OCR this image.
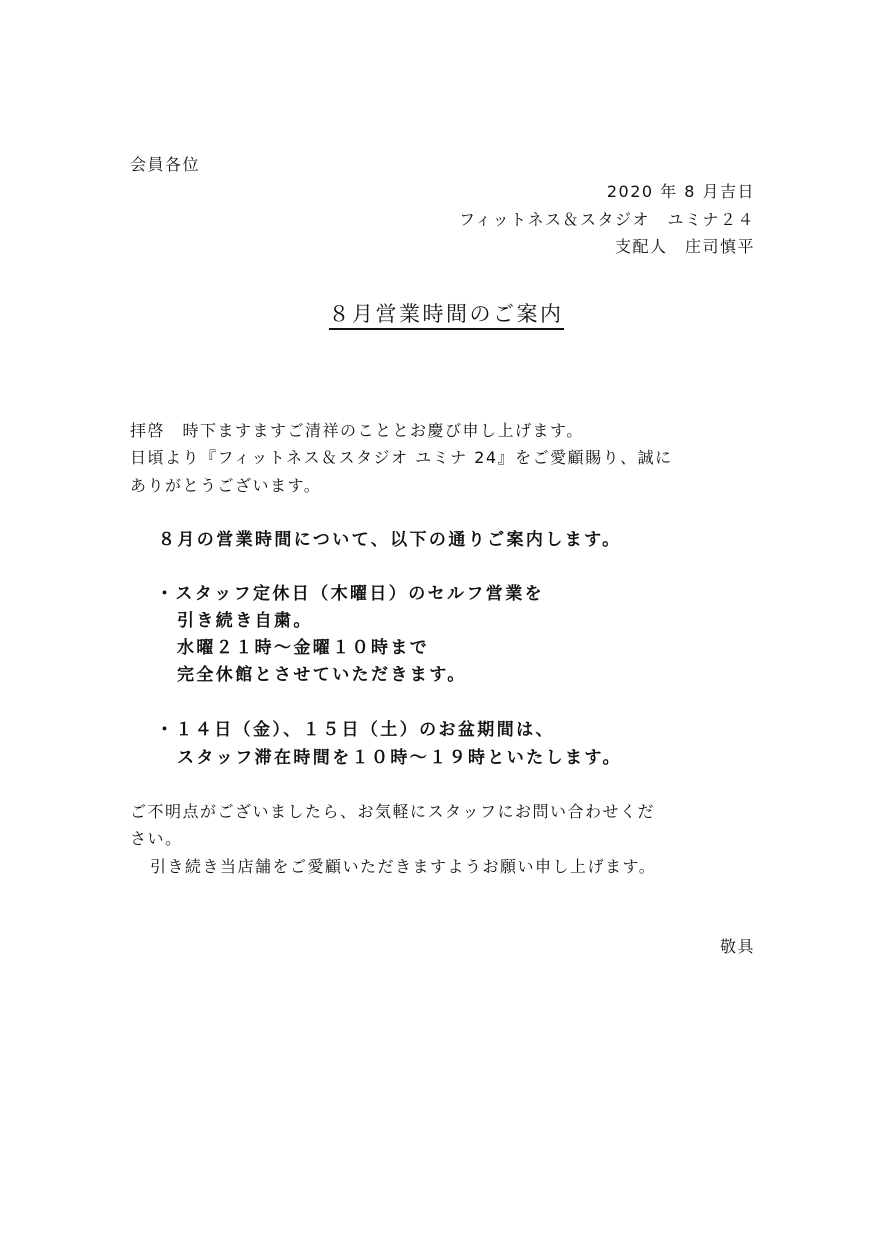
会員各位
2020 年 8 月吉日
フィットネス＆スタジオ　ユミナ２４
支配人　庄司慎平
８月営業時間のご案内
拝啓　時下ますますご清祥のこととお慶び申し上げます。
日頃より『フィットネス＆スタジオ ユミナ 24』をご愛顧賜り、誠に
ありがとうございます。
８月の営業時間について、以下の通りご案内します。
・スタッフ定休日（木曜日）のセルフ営業を
引き続き自粛。
水曜２１時～金曜１０時まで
完全休館とさせていただきます。
・１４日（金）、１５日（土）のお盆期間は、
スタッフ滞在時間を１０時～１９時といたします。
ご不明点がございましたら、お気軽にスタッフにお問い合わせくだ
さい。
引き続き当店舗をご愛顧いただきますようお願い申し上げます。
敬具
